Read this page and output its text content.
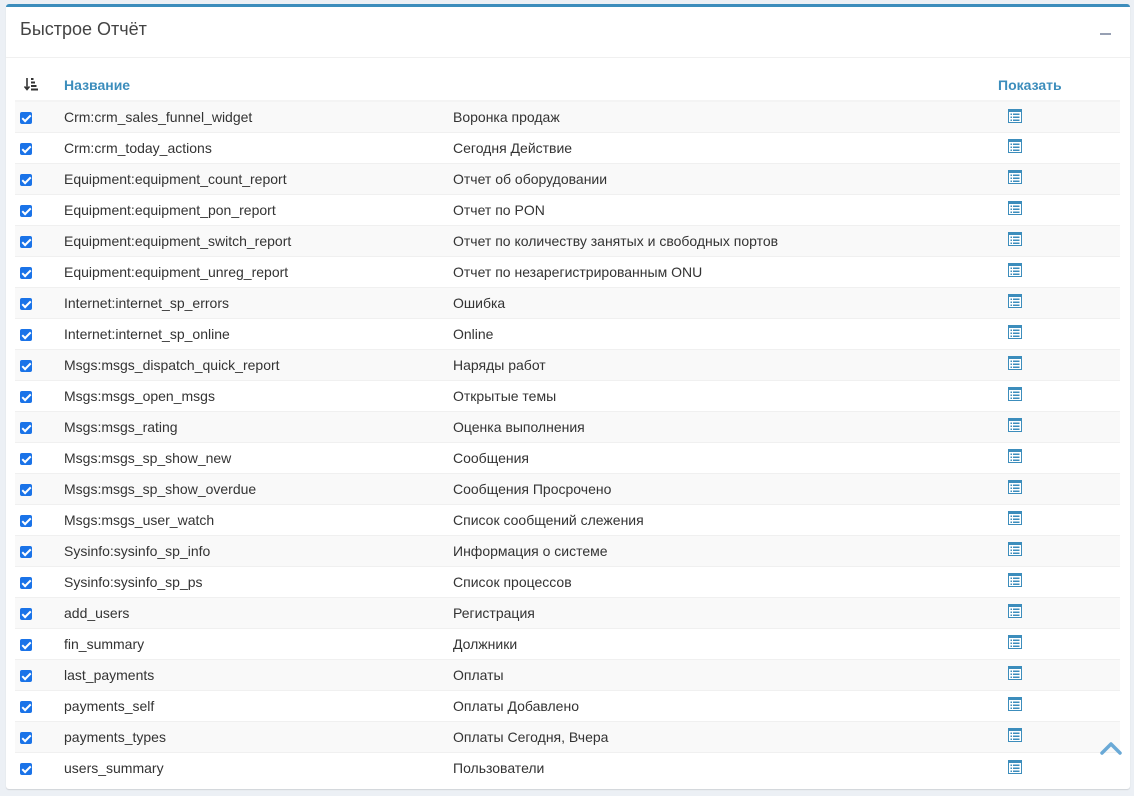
Быстрое Отчёт
	Название		Показать
	Crm:crm_sales_funnel_widget	Воронка продаж	
	Crm:crm_today_actions	Сегодня Действие	
	Equipment:equipment_count_report	Отчет об оборудовании	
	Equipment:equipment_pon_report	Отчет по PON	
	Equipment:equipment_switch_report	Отчет по количеству занятых и свободных портов	
	Equipment:equipment_unreg_report	Отчет по незарегистрированным ONU	
	Internet:internet_sp_errors	Ошибка	
	Internet:internet_sp_online	Online	
	Msgs:msgs_dispatch_quick_report	Наряды работ	
	Msgs:msgs_open_msgs	Открытые темы	
	Msgs:msgs_rating	Оценка выполнения	
	Msgs:msgs_sp_show_new	Сообщения	
	Msgs:msgs_sp_show_overdue	Сообщения Просрочено	
	Msgs:msgs_user_watch	Список сообщений слежения	
	Sysinfo:sysinfo_sp_info	Информация о системе	
	Sysinfo:sysinfo_sp_ps	Список процессов	
	add_users	Регистрация	
	fin_summary	Должники	
	last_payments	Оплаты	
	payments_self	Оплаты Добавлено	
	payments_types	Оплаты Сегодня, Вчера	
	users_summary	Пользователи	
